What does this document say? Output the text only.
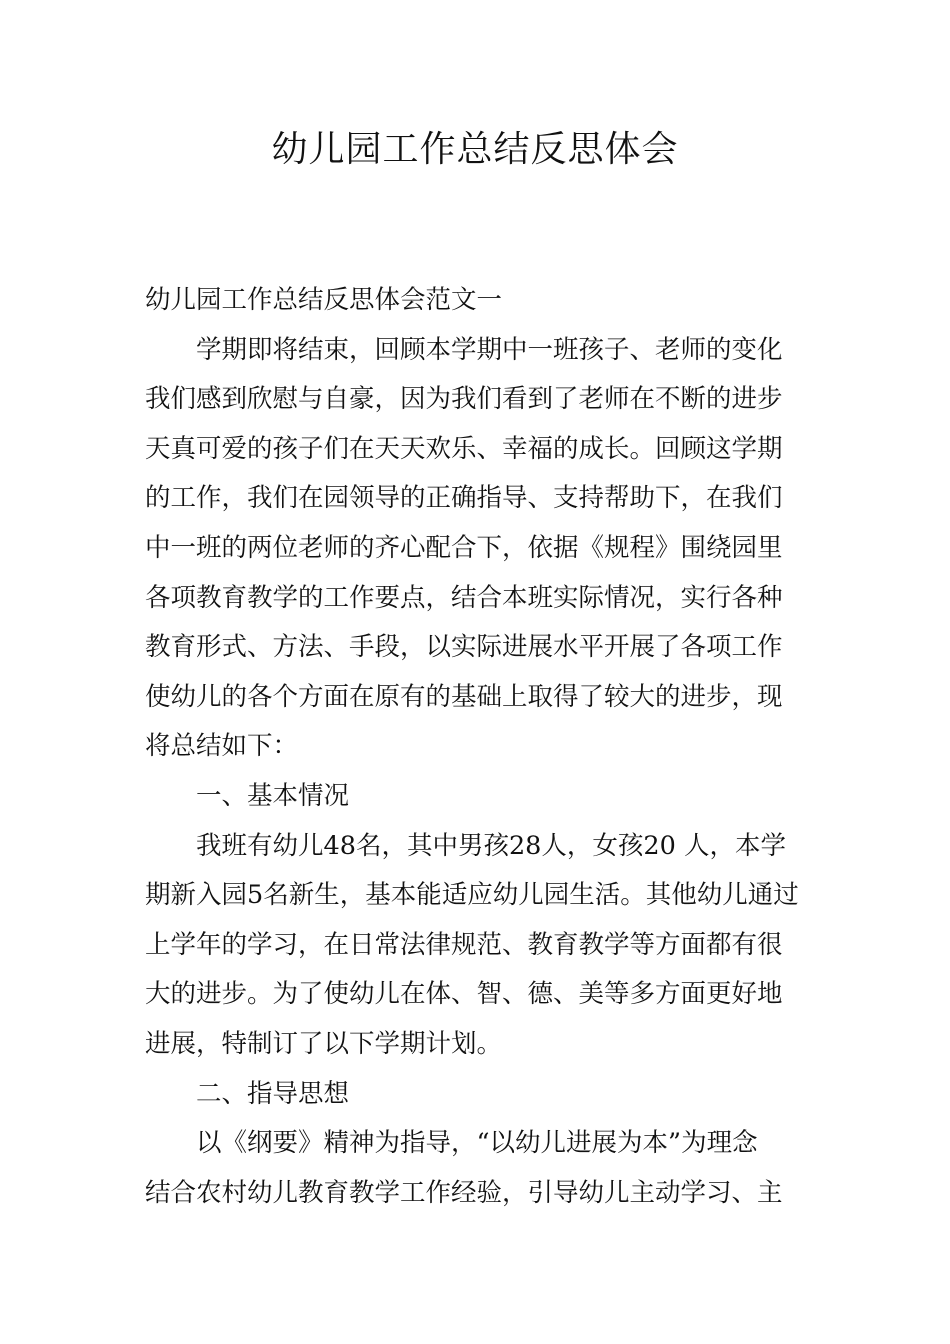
幼儿园工作总结反思体会
幼儿园工作总结反思体会范文一
学期即将结束，回顾本学期中一班孩子、老师的变化
我们感到欣慰与自豪，因为我们看到了老师在不断的进步
天真可爱的孩子们在天天欢乐、幸福的成长。回顾这学期
的工作，我们在园领导的正确指导、支持帮助下，在我们
中一班的两位老师的齐心配合下，依据《规程》围绕园里
各项教育教学的工作要点，结合本班实际情况，实行各种
教育形式、方法、手段，以实际进展水平开展了各项工作
使幼儿的各个方面在原有的基础上取得了较大的进步，现
将总结如下：
一、基本情况
我班有幼儿48名，其中男孩28人，女孩20 人，本学
期新入园5名新生，基本能适应幼儿园生活。其他幼儿通过
上学年的学习，在日常法律规范、教育教学等方面都有很
大的进步。为了使幼儿在体、智、德、美等多方面更好地
进展，特制订了以下学期计划。
二、指导思想
以《纲要》精神为指导，“以幼儿进展为本”为理念
结合农村幼儿教育教学工作经验，引导幼儿主动学习、主
